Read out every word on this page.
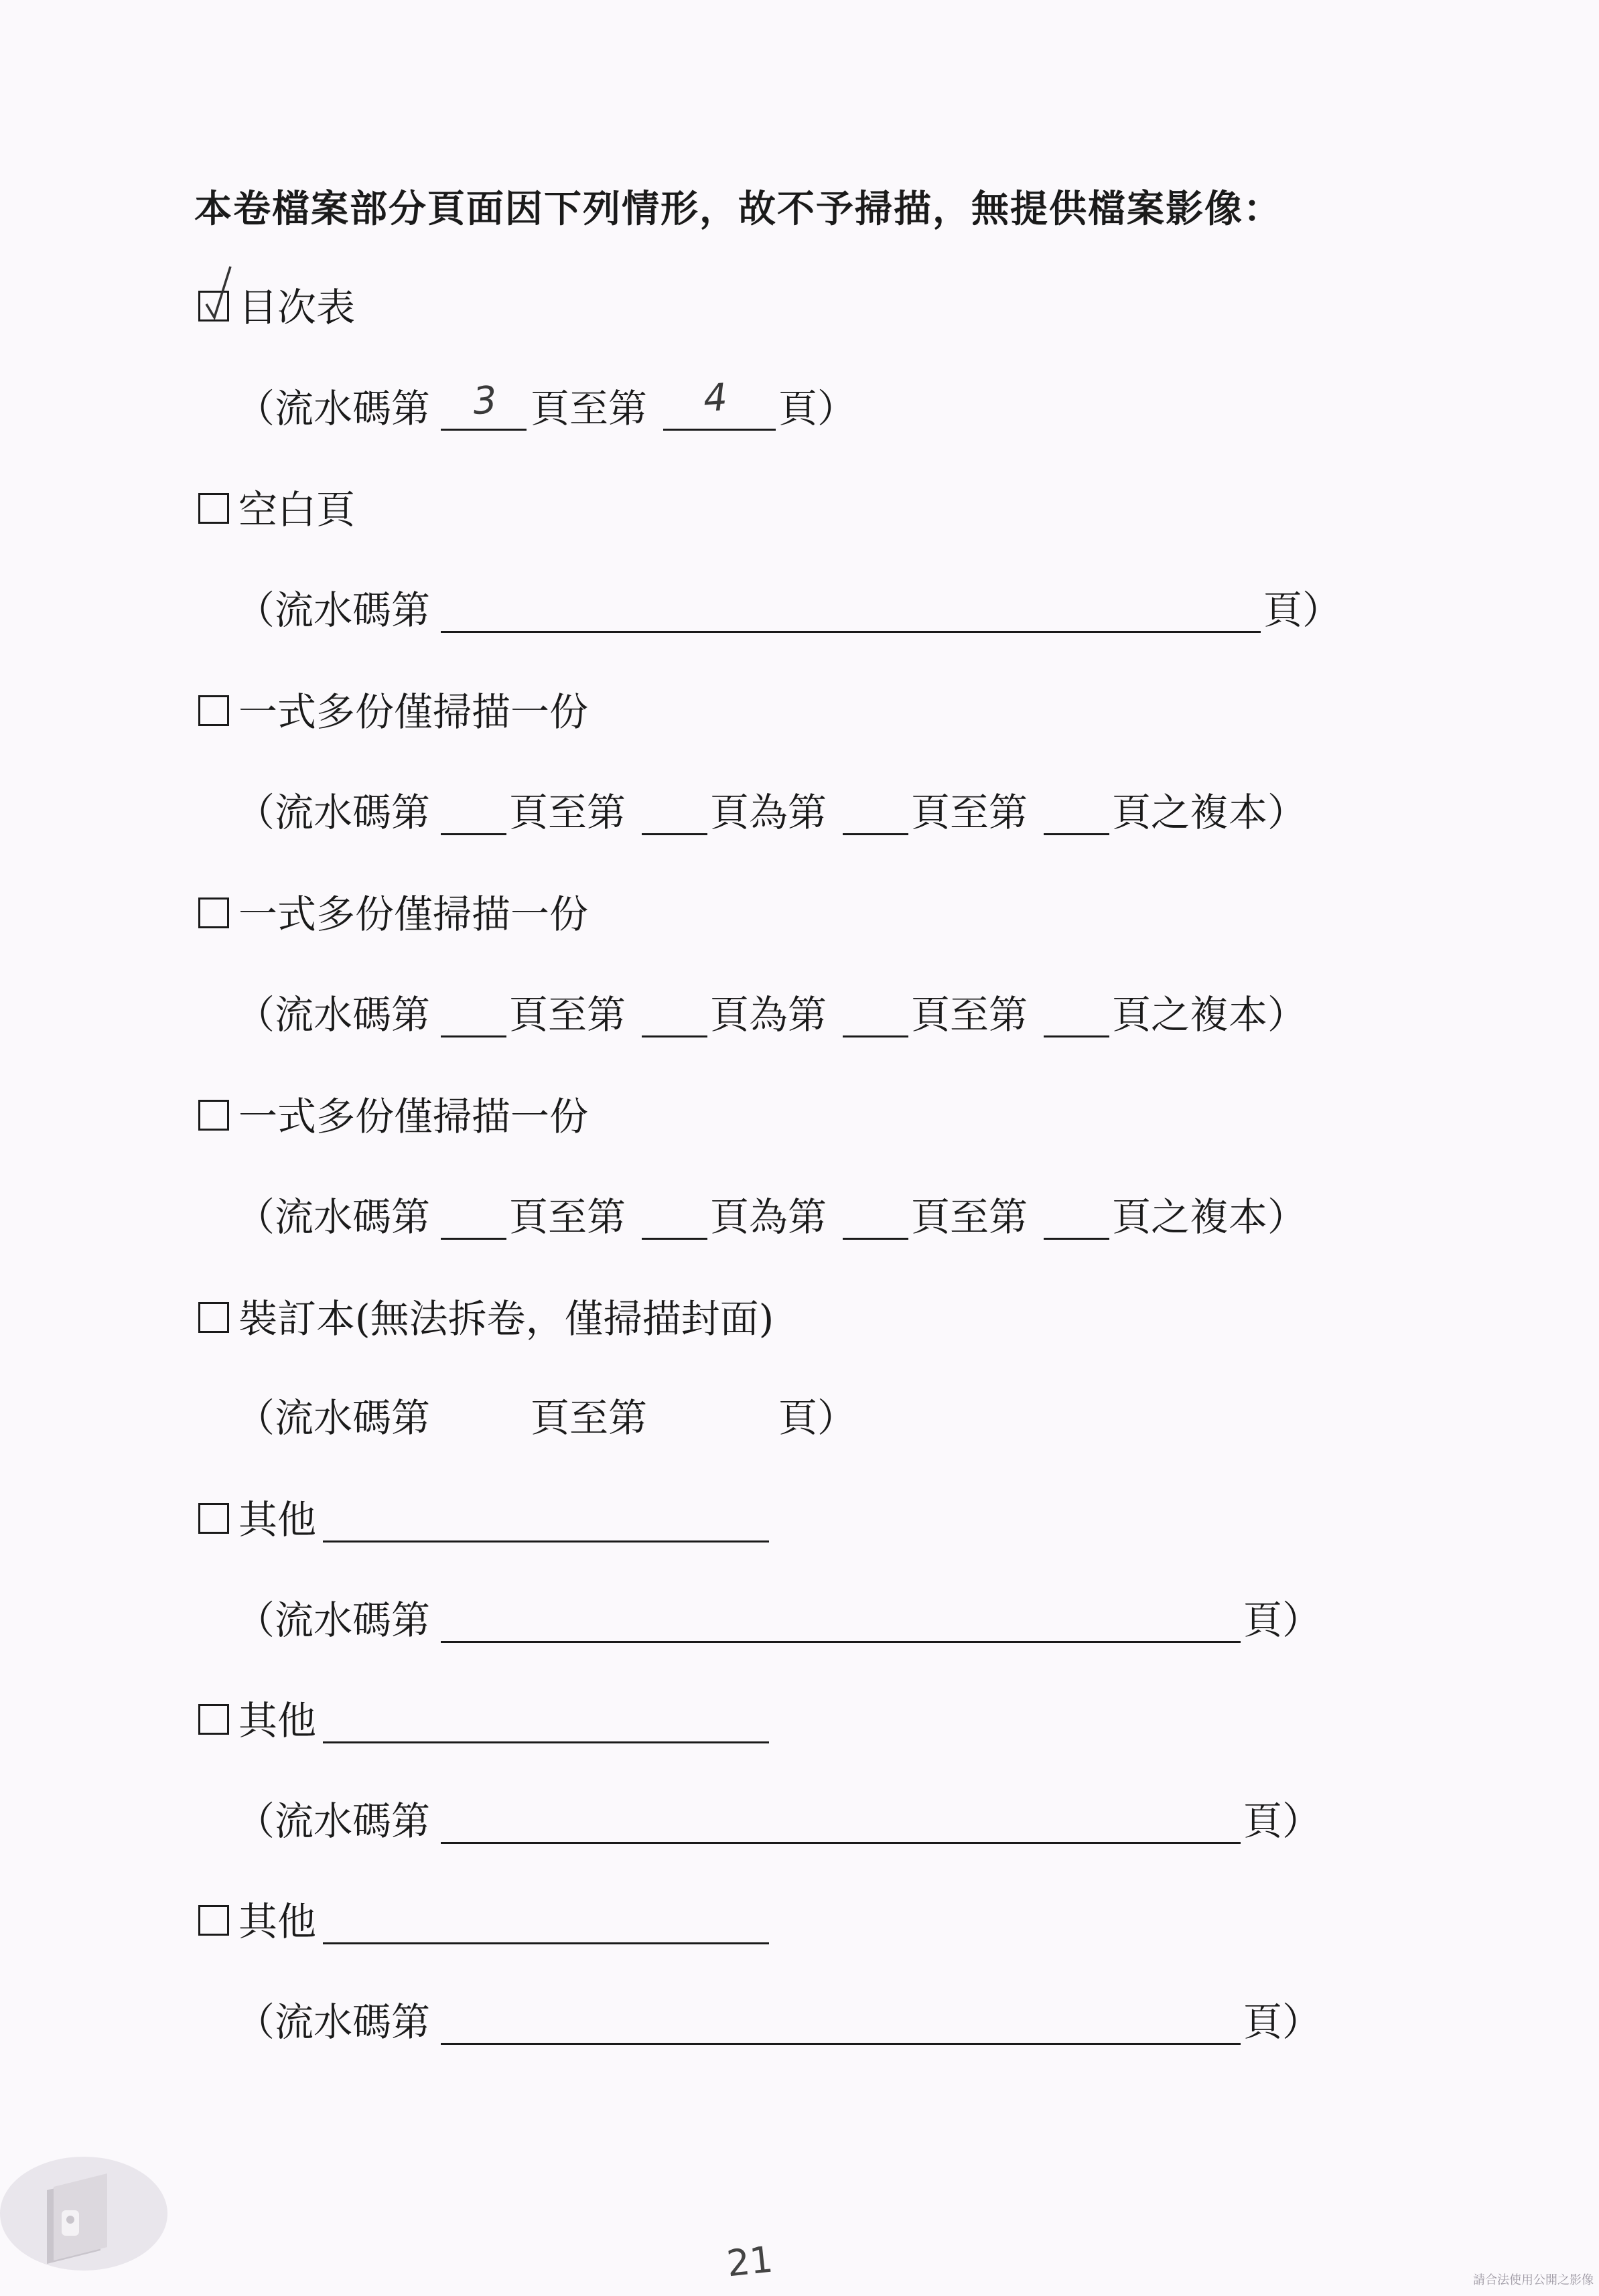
本卷檔案部分頁面因下列情形，故不予掃描，無提供檔案影像：
目次表
（流水碼第 3 頁至第 4 頁）
空白頁
（流水碼第	頁）
一式多份僅掃描一份
（流水碼第 頁至第 頁為第 頁至第 頁之複本）
一式多份僅掃描一份
（流水碼第 頁至第 頁為第 頁至第 頁之複本）
一式多份僅掃描一份
（流水碼第 頁至第 頁為第 頁至第 頁之複本）
裝訂本(無法拆卷，僅掃描封面)
（流水碼第	頁至第	頁）
其他
（流水碼第	頁）
其他
（流水碼第	頁）
其他
（流水碼第	頁）
21	請合法使用公開之影像
